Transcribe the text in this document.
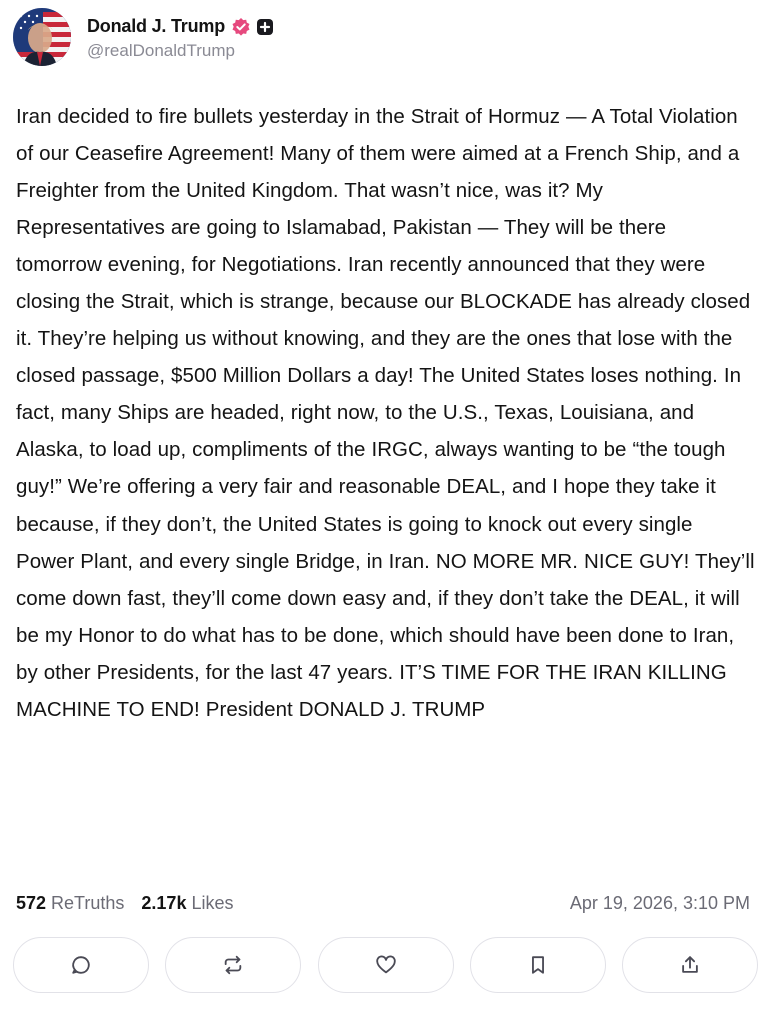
Donald J. Trump
@realDonaldTrump
Iran decided to fire bullets yesterday in the Strait of Hormuz — A Total Violation of our Ceasefire Agreement! Many of them were aimed at a French Ship, and a Freighter from the United Kingdom. That wasn’t nice, was it? My Representatives are going to Islamabad, Pakistan — They will be there tomorrow evening, for Negotiations. Iran recently announced that they were closing the Strait, which is strange, because our BLOCKADE has already closed it. They’re helping us without knowing, and they are the ones that lose with the closed passage, $500 Million Dollars a day! The United States loses nothing. In fact, many Ships are headed, right now, to the U.S., Texas, Louisiana, and Alaska, to load up, compliments of the IRGC, always wanting to be “the tough guy!” We’re offering a very fair and reasonable DEAL, and I hope they take it because, if they don’t, the United States is going to knock out every single Power Plant, and every single Bridge, in Iran. NO MORE MR. NICE GUY! They’ll come down fast, they’ll come down easy and, if they don’t take the DEAL, it will be my Honor to do what has to be done, which should have been done to Iran, by other Presidents, for the last 47 years. IT’S TIME FOR THE IRAN KILLING MACHINE TO END! President DONALD J. TRUMP
572 ReTruths 2.17k Likes	Apr 19, 2026, 3:10 PM
